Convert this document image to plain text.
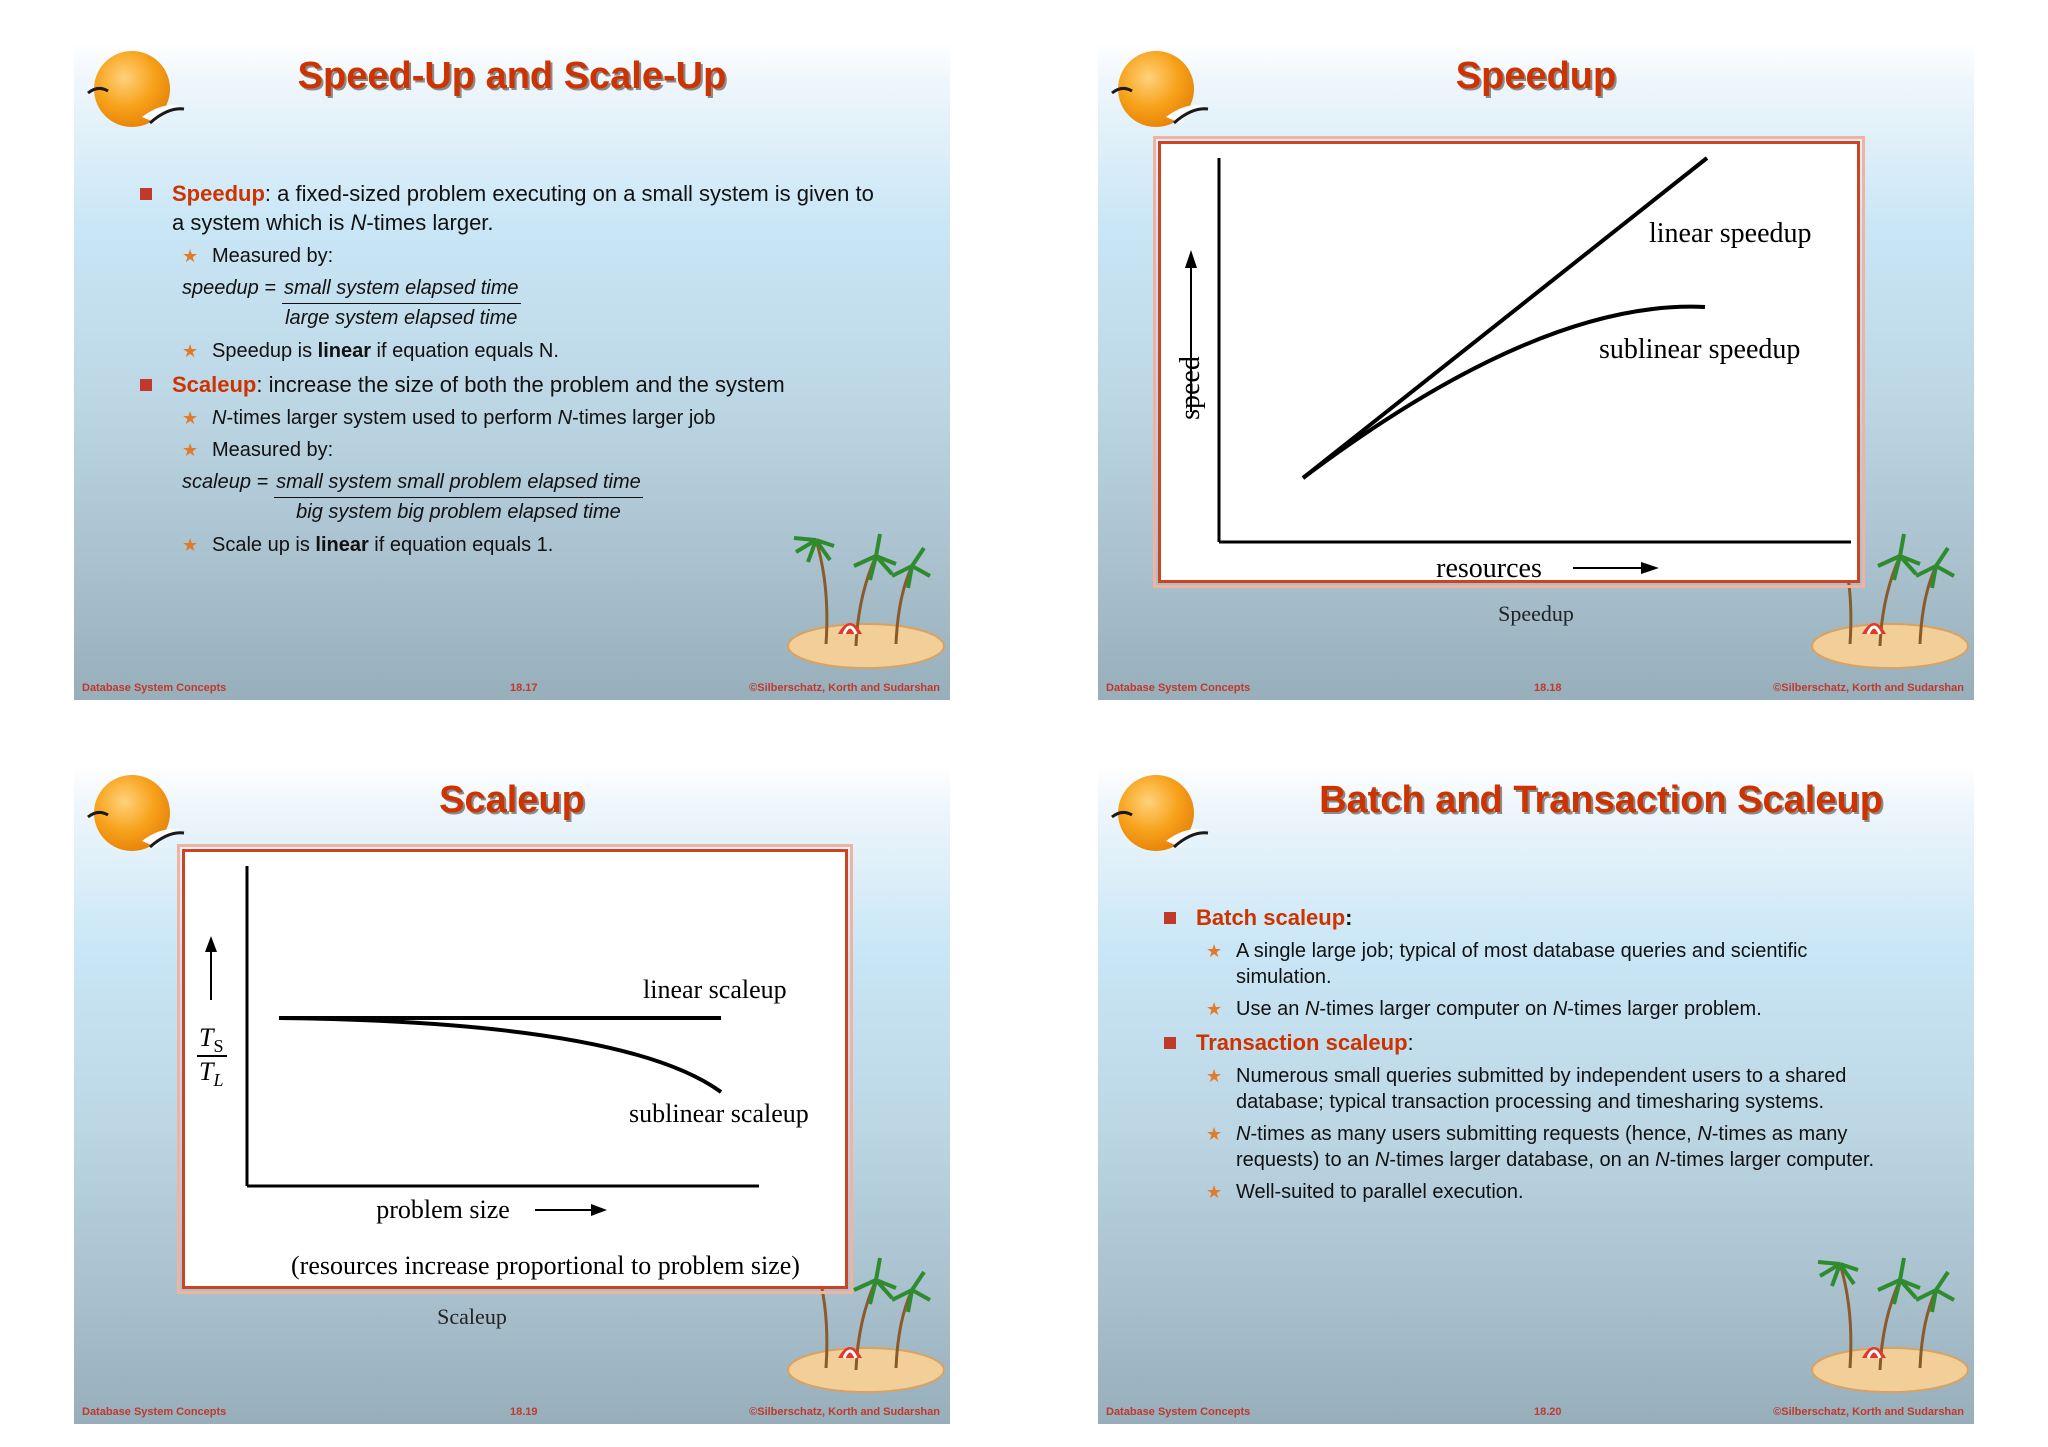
Speed-Up and Scale-Up
Speedup: a fixed-sized problem executing on a small system is given to a system which is N-times larger.
★ Measured by:
speedup = $\frac{\text{small system elapsed time}}{\text{large system elapsed time}}$
★ Speedup is linear if equation equals N.
Scaleup: increase the size of both the problem and the system
★ N-times larger system used to perform N-times larger job
★ Measured by:
scaleup = $\frac{\text{small system small problem elapsed time}}{\text{big system big problem elapsed time}}$
★ Scale up is linear if equation equals 1.
Database System Concepts	18.17	©Silberschatz, Korth and Sudarshan
Speedup
speed
resources
linear speedup
sublinear speedup
Speedup
Database System Concepts	18.18	©Silberschatz, Korth and Sudarshan
Scaleup
$T_S$
$T_L$
problem size
linear scaleup
sublinear scaleup
(resources increase proportional to problem size)
Scaleup
Database System Concepts	18.19	©Silberschatz, Korth and Sudarshan
Batch and Transaction Scaleup
Batch scaleup:
★ A single large job; typical of most database queries and scientific simulation.
★ Use an N-times larger computer on N-times larger problem.
Transaction scaleup:
★ Numerous small queries submitted by independent users to a shared database; typical transaction processing and timesharing systems.
★ N-times as many users submitting requests (hence, N-times as many requests) to an N-times larger database, on an N-times larger computer.
★ Well-suited to parallel execution.
Database System Concepts	18.20	©Silberschatz, Korth and Sudarshan
